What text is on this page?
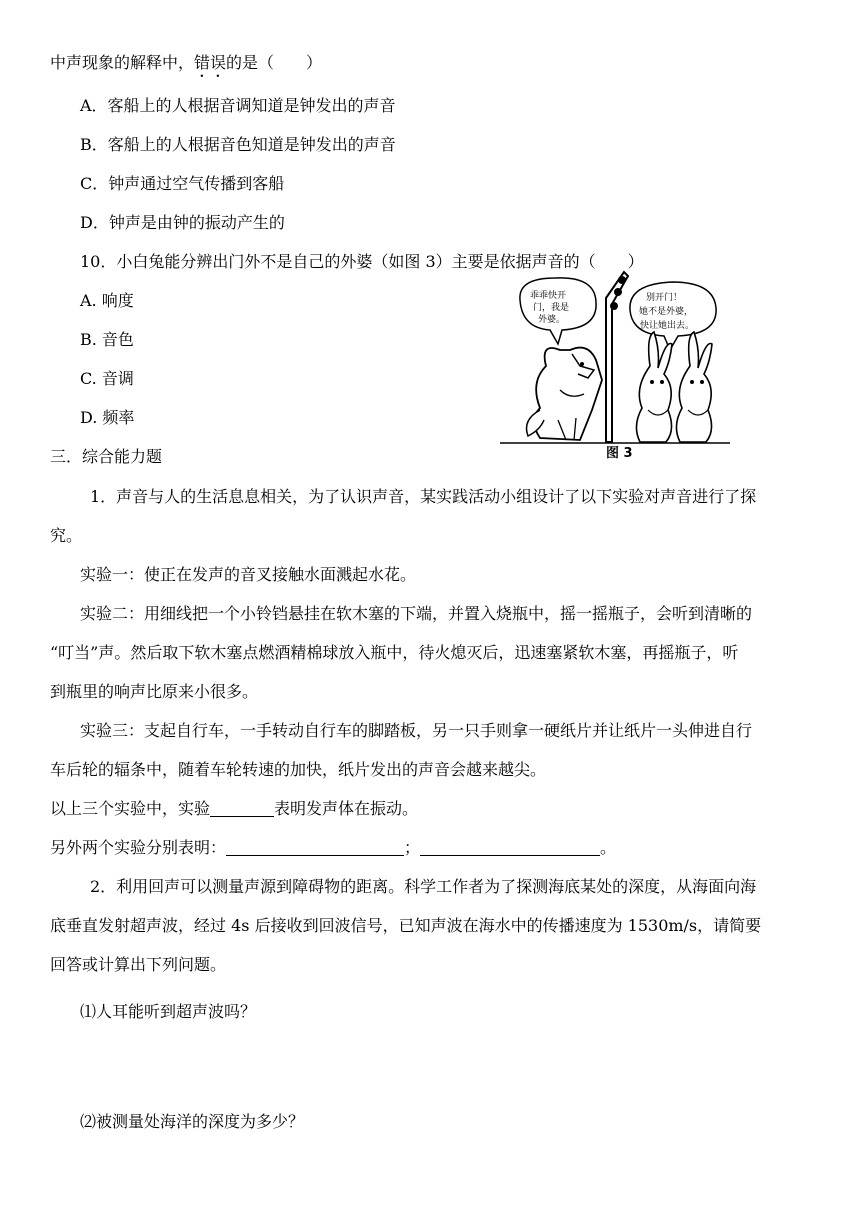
中声现象的解释中，错误的是（　　）
A．客船上的人根据音调知道是钟发出的声音
B．客船上的人根据音色知道是钟发出的声音
C．钟声通过空气传播到客船
D．钟声是由钟的振动产生的
10．小白兔能分辨出门外不是自己的外婆（如图 3）主要是依据声音的（　　）
A. 响度
B. 音色
C. 音调
D. 频率
乖乖快开
门，我是
外婆。
别开门！
她不是外婆，
快让她出去。
图 3
三．综合能力题
1．声音与人的生活息息相关，为了认识声音，某实践活动小组设计了以下实验对声音进行了探
究。
实验一：使正在发声的音叉接触水面溅起水花。
实验二：用细线把一个小铃铛悬挂在软木塞的下端，并置入烧瓶中，摇一摇瓶子，会听到清晰的
“叮当”声。然后取下软木塞点燃酒精棉球放入瓶中，待火熄灭后，迅速塞紧软木塞，再摇瓶子，听
到瓶里的响声比原来小很多。
实验三：支起自行车，一手转动自行车的脚踏板，另一只手则拿一硬纸片并让纸片一头伸进自行
车后轮的辐条中，随着车轮转速的加快，纸片发出的声音会越来越尖。
以上三个实验中，实验	表明发声体在振动。
另外两个实验分别表明：	；	。
2．利用回声可以测量声源到障碍物的距离。科学工作者为了探测海底某处的深度，从海面向海
底垂直发射超声波，经过 4s 后接收到回波信号，已知声波在海水中的传播速度为 1530m/s，请简要
回答或计算出下列问题。
⑴人耳能听到超声波吗？
⑵被测量处海洋的深度为多少？
